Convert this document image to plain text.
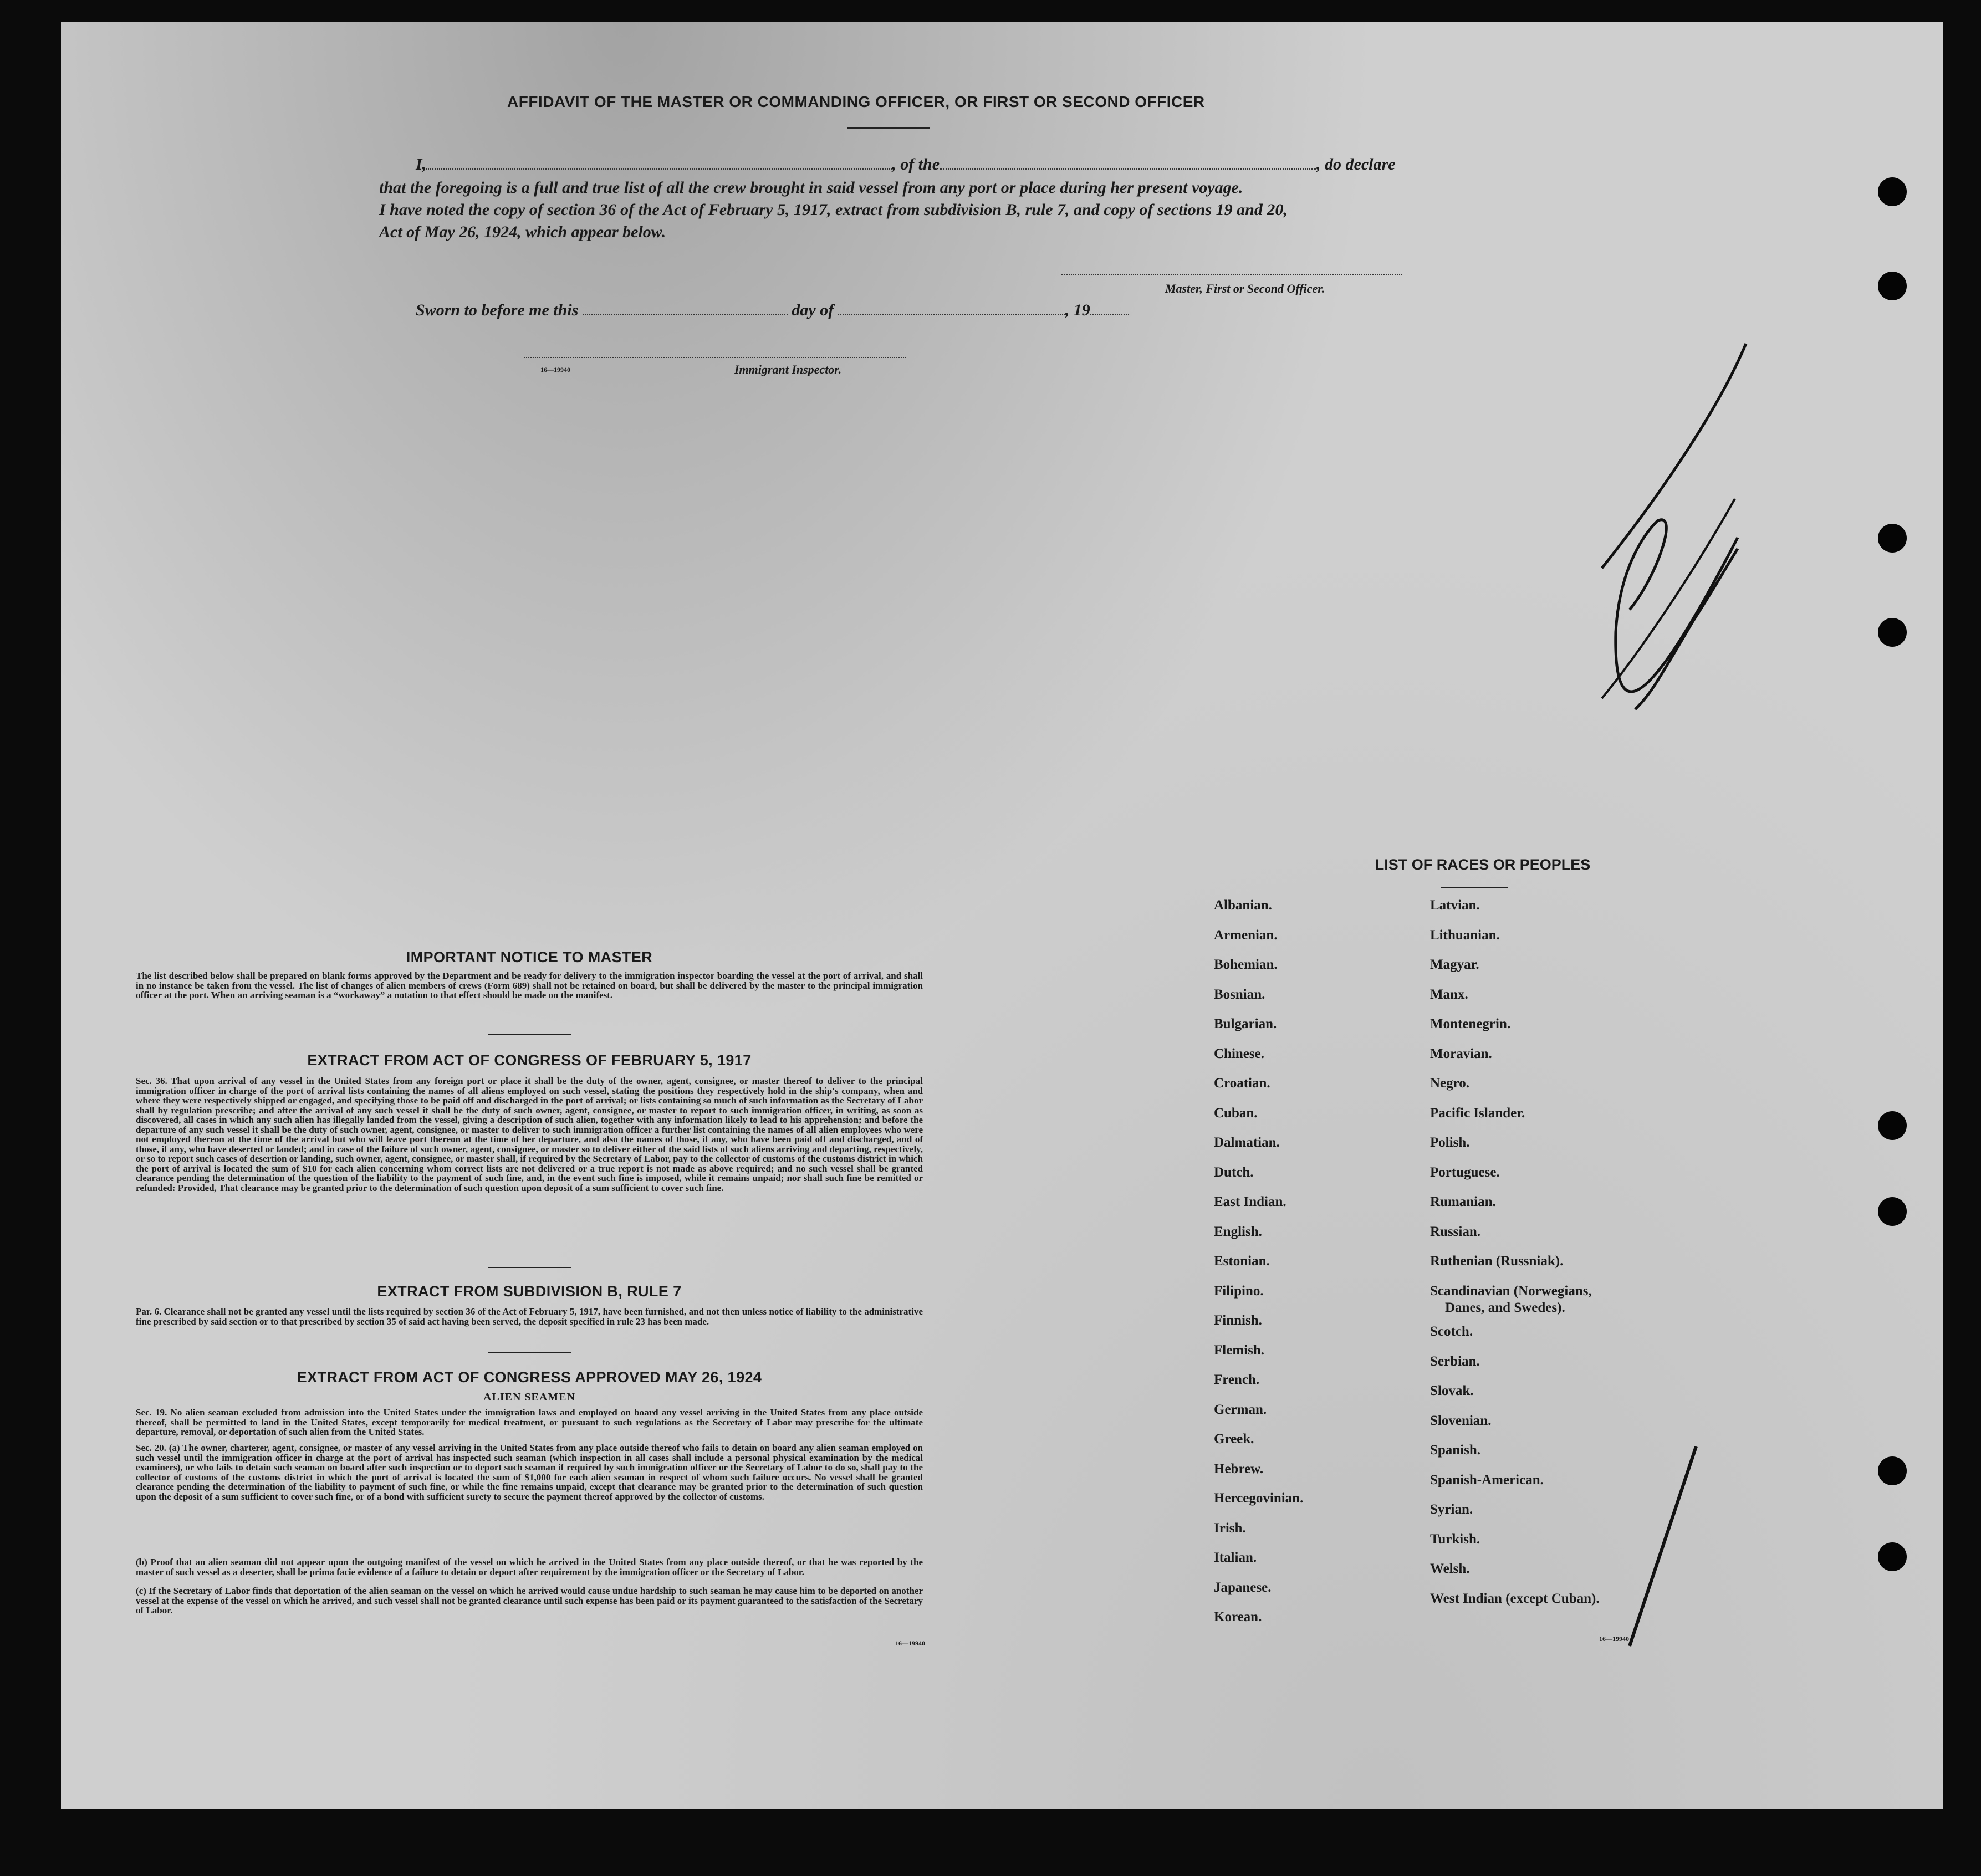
AFFIDAVIT OF THE MASTER OR COMMANDING OFFICER, OR FIRST OR SECOND OFFICER
I,	, of the	, do declare
that the foregoing is a full and true list of all the crew brought in said vessel from any port or place during her present voyage.
I have noted the copy of section 36 of the Act of February 5, 1917, extract from subdivision B, rule 7, and copy of sections 19 and 20,
Act of May 26, 1924, which appear below.
Master, First or Second Officer.
Sworn to before me this	day of	, 19
16—19940	Immigrant Inspector.
IMPORTANT NOTICE TO MASTER

The list described below shall be prepared on blank forms approved by the Department and be ready for delivery to the immigration inspector boarding the vessel at the port of arrival, and shall in no instance be taken from the vessel. The list of changes of alien members of crews (Form 689) shall not be retained on board, but shall be delivered by the master to the principal immigration officer at the port. When an arriving seaman is a “workaway” a notation to that effect should be made on the manifest.

EXTRACT FROM ACT OF CONGRESS OF FEBRUARY 5, 1917

Sec. 36. That upon arrival of any vessel in the United States from any foreign port or place it shall be the duty of the owner, agent, consignee, or master thereof to deliver to the principal immigration officer in charge of the port of arrival lists containing the names of all aliens employed on such vessel, stating the positions they respectively hold in the ship's company, when and where they were respectively shipped or engaged, and specifying those to be paid off and discharged in the port of arrival; or lists containing so much of such information as the Secretary of Labor shall by regulation prescribe; and after the arrival of any such vessel it shall be the duty of such owner, agent, consignee, or master to report to such immigration officer, in writing, as soon as discovered, all cases in which any such alien has illegally landed from the vessel, giving a description of such alien, together with any information likely to lead to his apprehension; and before the departure of any such vessel it shall be the duty of such owner, agent, consignee, or master to deliver to such immigration officer a further list containing the names of all alien employees who were not employed thereon at the time of the arrival but who will leave port thereon at the time of her departure, and also the names of those, if any, who have been paid off and discharged, and of those, if any, who have deserted or landed; and in case of the failure of such owner, agent, consignee, or master so to deliver either of the said lists of such aliens arriving and departing, respectively, or so to report such cases of desertion or landing, such owner, agent, consignee, or master shall, if required by the Secretary of Labor, pay to the collector of customs of the customs district in which the port of arrival is located the sum of $10 for each alien concerning whom correct lists are not delivered or a true report is not made as above required; and no such vessel shall be granted clearance pending the determination of the question of the liability to the payment of such fine, and, in the event such fine is imposed, while it remains unpaid; nor shall such fine be remitted or refunded: Provided, That clearance may be granted prior to the determination of such question upon deposit of a sum sufficient to cover such fine.

EXTRACT FROM SUBDIVISION B, RULE 7

Par. 6. Clearance shall not be granted any vessel until the lists required by section 36 of the Act of February 5, 1917, have been furnished, and not then unless notice of liability to the administrative fine prescribed by said section or to that prescribed by section 35 of said act having been served, the deposit specified in rule 23 has been made.

EXTRACT FROM ACT OF CONGRESS APPROVED MAY 26, 1924
ALIEN SEAMEN

Sec. 19. No alien seaman excluded from admission into the United States under the immigration laws and employed on board any vessel arriving in the United States from any place outside thereof, shall be permitted to land in the United States, except temporarily for medical treatment, or pursuant to such regulations as the Secretary of Labor may prescribe for the ultimate departure, removal, or deportation of such alien from the United States.

Sec. 20. (a) The owner, charterer, agent, consignee, or master of any vessel arriving in the United States from any place outside thereof who fails to detain on board any alien seaman employed on such vessel until the immigration officer in charge at the port of arrival has inspected such seaman (which inspection in all cases shall include a personal physical examination by the medical examiners), or who fails to detain such seaman on board after such inspection or to deport such seaman if required by such immigration officer or the Secretary of Labor to do so, shall pay to the collector of customs of the customs district in which the port of arrival is located the sum of $1,000 for each alien seaman in respect of whom such failure occurs. No vessel shall be granted clearance pending the determination of the liability to payment of such fine, or while the fine remains unpaid, except that clearance may be granted prior to the determination of such question upon the deposit of a sum sufficient to cover such fine, or of a bond with sufficient surety to secure the payment thereof approved by the collector of customs.

(b) Proof that an alien seaman did not appear upon the outgoing manifest of the vessel on which he arrived in the United States from any place outside thereof, or that he was reported by the master of such vessel as a deserter, shall be prima facie evidence of a failure to detain or deport after requirement by the immigration officer or the Secretary of Labor.

(c) If the Secretary of Labor finds that deportation of the alien seaman on the vessel on which he arrived would cause undue hardship to such seaman he may cause him to be deported on another vessel at the expense of the vessel on which he arrived, and such vessel shall not be granted clearance until such expense has been paid or its payment guaranteed to the satisfaction of the Secretary of Labor.

16—19940
LIST OF RACES OR PEOPLES
16—19940
Albanian.
Armenian.
Bohemian.
Bosnian.
Bulgarian.
Chinese.
Croatian.
Cuban.
Dalmatian.
Dutch.
East Indian.
English.
Estonian.
Filipino.
Finnish.
Flemish.
French.
German.
Greek.
Hebrew.
Hercegovinian.
Irish.
Italian.
Japanese.
Korean.
Latvian.
Lithuanian.
Magyar.
Manx.
Montenegrin.
Moravian.
Negro.
Pacific Islander.
Polish.
Portuguese.
Rumanian.
Russian.
Ruthenian (Russniak).
Scandinavian (Norwegians,
Danes, and Swedes).
Scotch.
Serbian.
Slovak.
Slovenian.
Spanish.
Spanish-American.
Syrian.
Turkish.
Welsh.
West Indian (except Cuban).
